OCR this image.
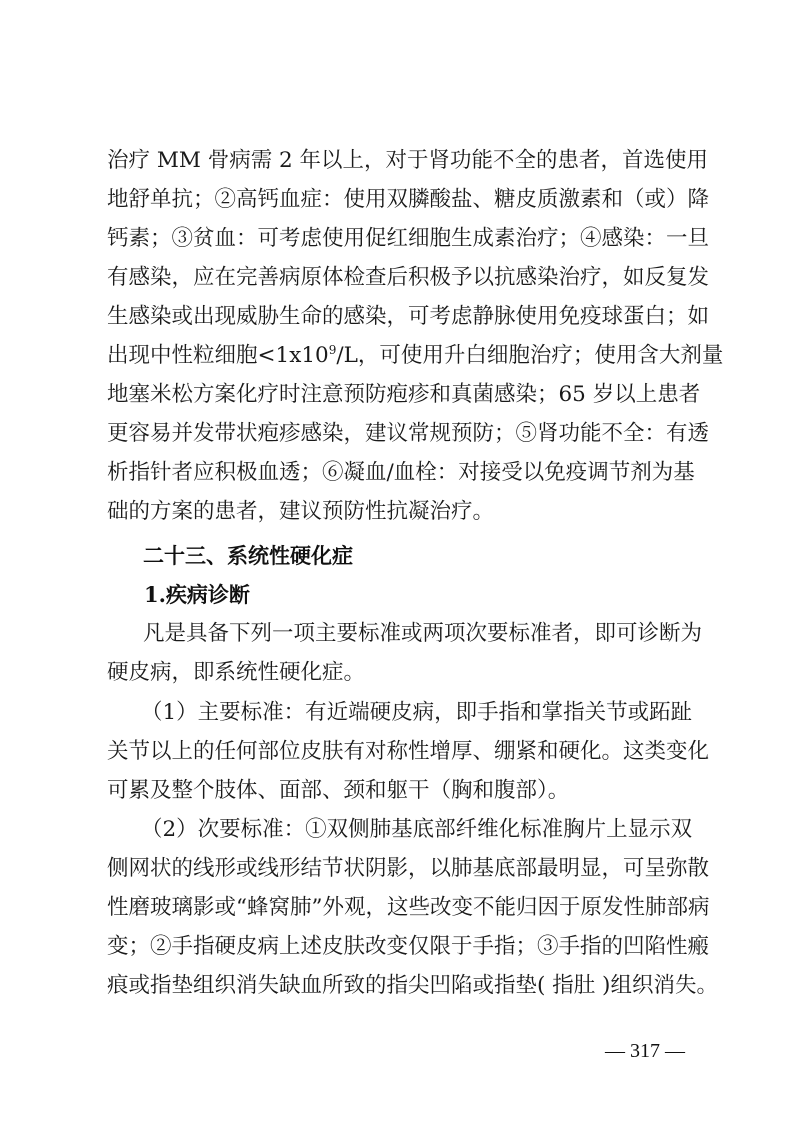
治疗 MM 骨病需 2 年以上，对于肾功能不全的患者，首选使用
地舒单抗；②高钙血症：使用双膦酸盐、糖皮质激素和（或）降
钙素；③贫血：可考虑使用促红细胞生成素治疗；④感染：一旦
有感染，应在完善病原体检查后积极予以抗感染治疗，如反复发
生感染或出现威胁生命的感染，可考虑静脉使用免疫球蛋白；如
出现中性粒细胞$<1x10^9/L$，可使用升白细胞治疗；使用含大剂量
地塞米松方案化疗时注意预防疱疹和真菌感染；65 岁以上患者
更容易并发带状疱疹感染，建议常规预防；⑤肾功能不全：有透
析指针者应积极血透；⑥凝血/血栓：对接受以免疫调节剂为基
础的方案的患者，建议预防性抗凝治疗。
二十三、系统性硬化症
1.疾病诊断
凡是具备下列一项主要标准或两项次要标准者，即可诊断为
硬皮病，即系统性硬化症。
（1）主要标准：有近端硬皮病，即手指和掌指关节或跖趾
关节以上的任何部位皮肤有对称性增厚、绷紧和硬化。这类变化
可累及整个肢体、面部、颈和躯干（胸和腹部）。
（2）次要标准：①双侧肺基底部纤维化标准胸片上显示双
侧网状的线形或线形结节状阴影，以肺基底部最明显，可呈弥散
性磨玻璃影或“蜂窝肺”外观，这些改变不能归因于原发性肺部病
变；②手指硬皮病上述皮肤改变仅限于手指；③手指的凹陷性瘢
痕或指垫组织消失缺血所致的指尖凹陷或指垫( 指肚 )组织消失。
— 317 —
